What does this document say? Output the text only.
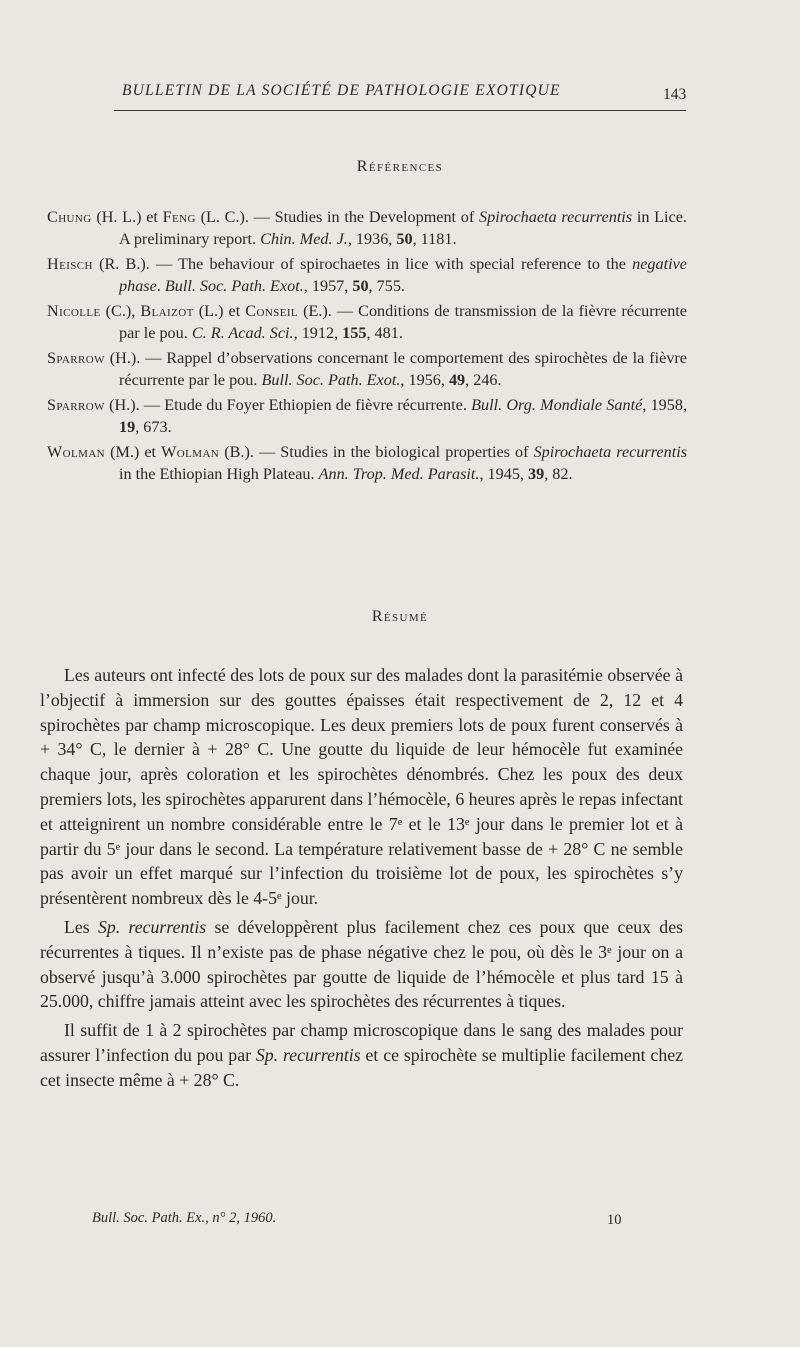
BULLETIN DE LA SOCIÉTÉ DE PATHOLOGIE EXOTIQUE	143
Références
Chung (H. L.) et Feng (L. C.). — Studies in the Development of Spirochaeta recurrentis in Lice. A preliminary report. Chin. Med. J., 1936, 50, 1181.
Heisch (R. B.). — The behaviour of spirochaetes in lice with special reference to the negative phase. Bull. Soc. Path. Exot., 1957, 50, 755.
Nicolle (C.), Blaizot (L.) et Conseil (E.). — Conditions de transmission de la fièvre récurrente par le pou. C. R. Acad. Sci., 1912, 155, 481.
Sparrow (H.). — Rappel d’observations concernant le comportement des spirochètes de la fièvre récurrente par le pou. Bull. Soc. Path. Exot., 1956, 49, 246.
Sparrow (H.). — Etude du Foyer Ethiopien de fièvre récurrente. Bull. Org. Mondiale Santé, 1958, 19, 673.
Wolman (M.) et Wolman (B.). — Studies in the biological properties of Spirochaeta recurrentis in the Ethiopian High Plateau. Ann. Trop. Med. Parasit., 1945, 39, 82.
Résumé

Les auteurs ont infecté des lots de poux sur des malades dont la parasitémie observée à l’objectif à immersion sur des gouttes épaisses était respectivement de 2, 12 et 4 spirochètes par champ microscopique. Les deux premiers lots de poux furent conservés à + 34° C, le dernier à + 28° C. Une goutte du liquide de leur hémocèle fut examinée chaque jour, après coloration et les spirochètes dénombrés. Chez les poux des deux premiers lots, les spirochètes apparurent dans l’hémocèle, 6 heures après le repas infectant et atteignirent un nombre considérable entre le 7ᵉ et le 13ᵉ jour dans le premier lot et à partir du 5ᵉ jour dans le second. La température relativement basse de + 28° C ne semble pas avoir un effet marqué sur l’infection du troisième lot de poux, les spirochètes s’y présentèrent nombreux dès le 4-5ᵉ jour.

Les Sp. recurrentis se développèrent plus facilement chez ces poux que ceux des récurrentes à tiques. Il n’existe pas de phase négative chez le pou, où dès le 3ᵉ jour on a observé jusqu’à 3.000 spirochètes par goutte de liquide de l’hémocèle et plus tard 15 à 25.000, chiffre jamais atteint avec les spirochètes des récurrentes à tiques.

Il suffit de 1 à 2 spirochètes par champ microscopique dans le sang des malades pour assurer l’infection du pou par Sp. recurrentis et ce spirochète se multiplie facilement chez cet insecte même à + 28° C.

Bull. Soc. Path. Ex., n° 2, 1960.	10
